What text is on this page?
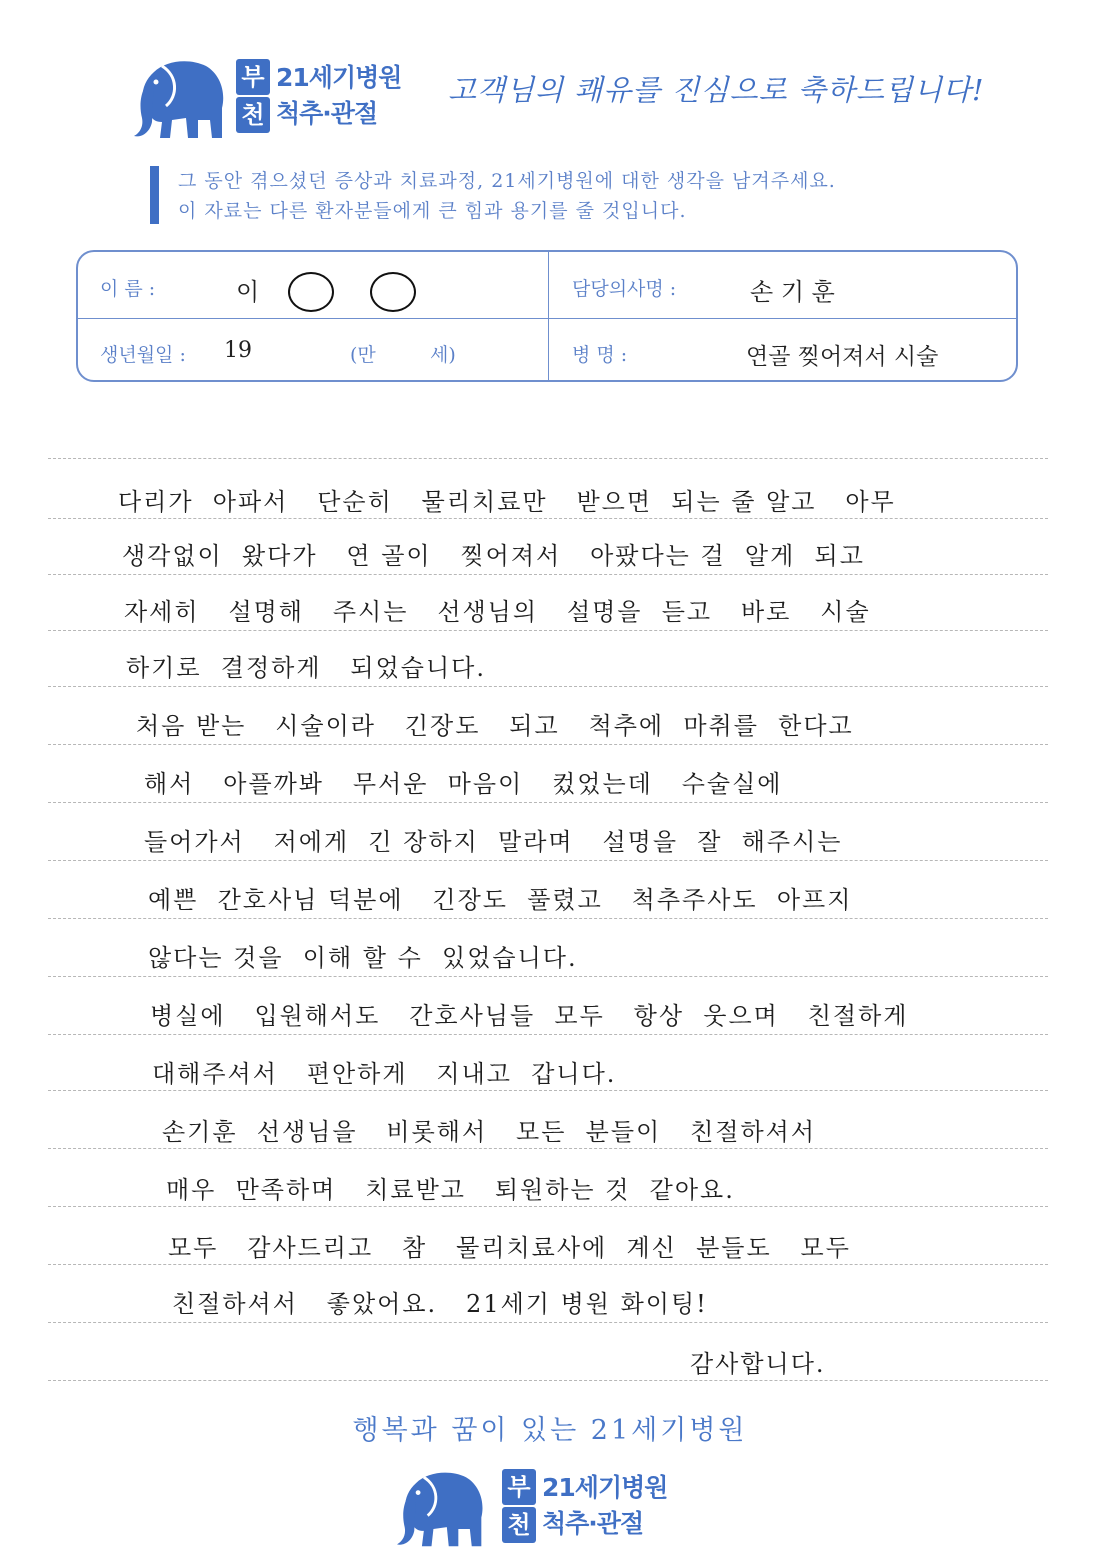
부
천
21세기병원
척추·관절
고객님의 쾌유를 진심으로 축하드립니다!
그 동안 겪으셨던 증상과 치료과정, 21세기병원에 대한 생각을 남겨주세요.
이 자료는 다른 환자분들에게 큰 힘과 용기를 줄 것입니다.
이 름 :	이	담당의사명 :	손 기 훈
생년월일 : 19	(만	세)	병 명 :	연골 찢어져서 시술
다리가  아파서   단순히   물리치료만   받으면  되는 줄 알고   아무
생각없이  왔다가   연 골이   찢어져서   아팠다는 걸  알게  되고
자세히   설명해   주시는   선생님의   설명을  듣고   바로   시술
하기로  결정하게   되었습니다.
처음 받는   시술이라   긴장도   되고   척추에  마취를  한다고
해서   아플까봐   무서운  마음이   컸었는데   수술실에
들어가서   저에게  긴 장하지  말라며   설명을  잘  해주시는
예쁜  간호사님 덕분에   긴장도  풀렸고   척추주사도  아프지
않다는 것을  이해 할 수  있었습니다.
병실에   입원해서도   간호사님들  모두   항상  웃으며   친절하게
대해주셔서   편안하게   지내고  갑니다.
손기훈  선생님을   비롯해서   모든  분들이   친절하셔서
매우  만족하며   치료받고   퇴원하는 것  같아요.
모두   감사드리고   참   물리치료사에  계신  분들도   모두
친절하셔서   좋았어요.   21세기 병원 화이팅!
감사합니다.
행복과 꿈이 있는 21세기병원
부
천
21세기병원
척추·관절
